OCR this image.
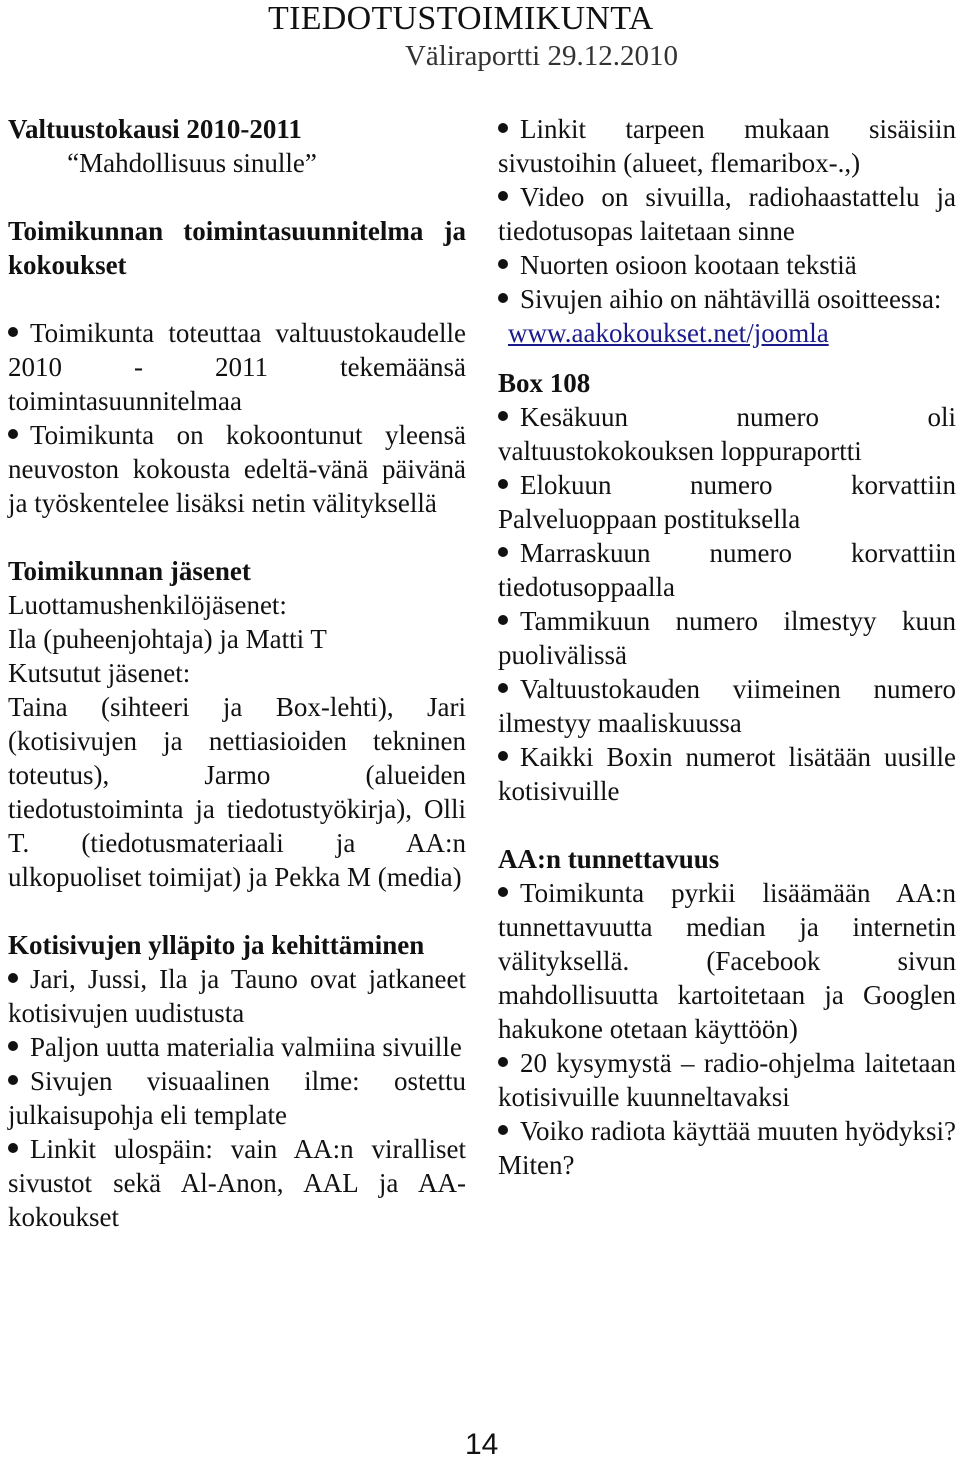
TIEDOTUSTOIMIKUNTA
Väliraportti 29.12.2010

Valtuustokausi 2010-2011

“Mahdollisuus sinulle”

Toimikunnan toimintasuunnitelma ja kokoukset

Toimikunta toteuttaa valtuustokaudelle 2010 - 2011 tekemäänsä toimintasuunnitelmaa

Toimikunta on kokoontunut yleensä neuvoston kokousta edeltä-vänä päivänä ja työskentelee lisäksi netin välityksellä

Toimikunnan jäsenet

Luottamushenkilöjäsenet:

Ila (puheenjohtaja) ja Matti T

Kutsutut jäsenet:

Taina (sihteeri ja Box-lehti), Jari (kotisivujen ja nettiasioiden tekninen toteutus), Jarmo (alueiden tiedotustoiminta ja tiedotustyökirja), Olli T. (tiedotusmateriaali ja AA:n ulkopuoliset toimijat) ja Pekka M (media)

Kotisivujen ylläpito ja kehittäminen

Jari, Jussi, Ila ja Tauno ovat jatkaneet kotisivujen uudistusta

Paljon uutta materialia valmiina sivuille

Sivujen visuaalinen ilme: ostettu julkaisupohja eli template

Linkit ulospäin: vain AA:n viralliset sivustot sekä Al-Anon, AAL ja AA-kokoukset

Linkit tarpeen mukaan sisäisiin sivustoihin (alueet, flemaribox-.,)

Video on sivuilla, radiohaastattelu ja tiedotusopas laitetaan sinne

Nuorten osioon kootaan tekstiä

Sivujen aihio on nähtävillä osoitteessa:

www.aakokoukset.net/joomla

Box 108

Kesäkuun numero oli valtuustokokouksen loppuraportti

Elokuun numero korvattiin Palveluoppaan postituksella

Marraskuun numero korvattiin tiedotusoppaalla

Tammikuun numero ilmestyy kuun puolivälissä

Valtuustokauden viimeinen numero ilmestyy maaliskuussa

Kaikki Boxin numerot lisätään uusille kotisivuille

AA:n tunnettavuus

Toimikunta pyrkii lisäämään AA:n tunnettavuutta median ja internetin välityksellä. (Facebook sivun mahdollisuutta kartoitetaan ja Googlen hakukone otetaan käyttöön)

20 kysymystä – radio-ohjelma laitetaan kotisivuille kuunneltavaksi

Voiko radiota käyttää muuten hyödyksi? Miten?

14
